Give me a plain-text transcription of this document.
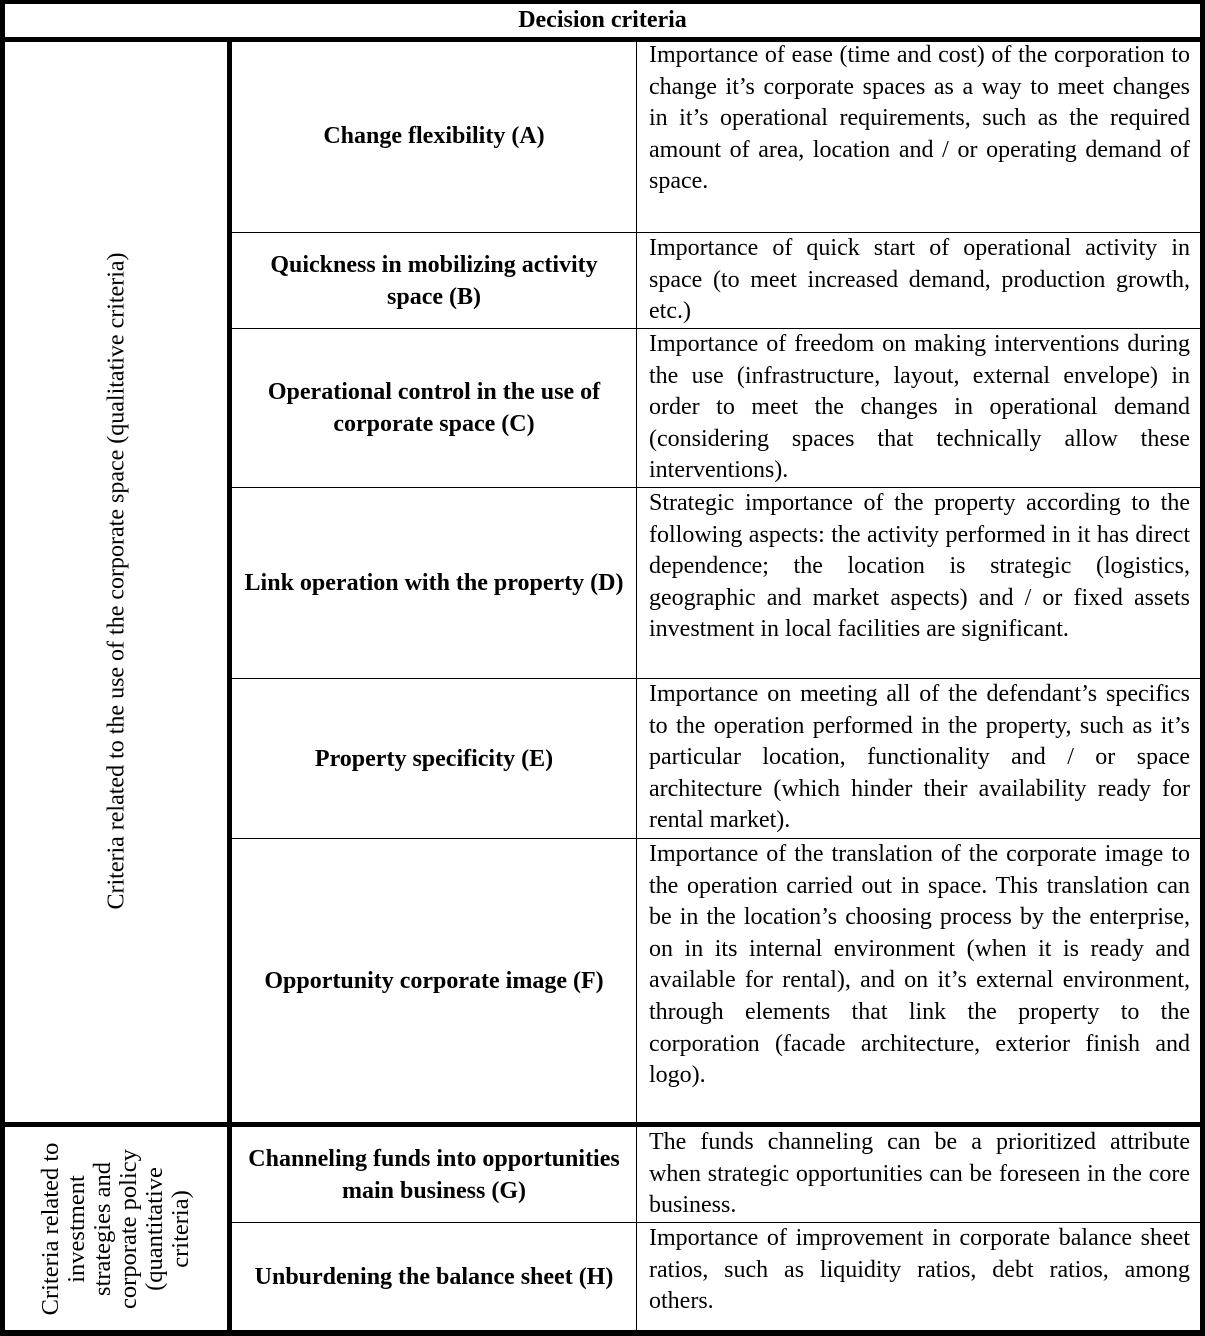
Decision criteria
Criteria related to the use of the corporate space (qualitative criteria)
Change flexibility (A)
Importance of ease (time and cost) of the corporation to change it’s corporate spaces as a way to meet changes in it’s operational requirements, such as the required amount of area, location and / or operating demand of space.
Quickness in mobilizing activity space (B)
Importance of quick start of operational activity in space (to meet increased demand, production growth, etc.)
Operational control in the use of corporate space (C)
Importance of freedom on making interventions during the use (infrastructure, layout, external envelope) in order to meet the changes in operational demand (considering spaces that technically allow these interventions).
Link operation with the property (D)
Strategic importance of the property according to the following aspects: the activity performed in it has direct dependence; the location is strategic (logistics, geographic and market aspects) and / or fixed assets investment in local facilities are significant.
Property specificity (E)
Importance on meeting all of the defendant’s specifics to the operation performed in the property, such as it’s particular location, functionality and / or space architecture (which hinder their availability ready for rental market).
Opportunity corporate image (F)
Importance of the translation of the corporate image to the operation carried out in space. This translation can be in the location’s choosing process by the enterprise, on in its internal environment (when it is ready and available for rental), and on it’s external environment, through elements that link the property to the corporation (facade architecture, exterior finish and logo).
Criteria related to investment strategies and corporate policy (quantitative criteria)
Channeling funds into opportunities main business (G)
The funds channeling can be a prioritized attribute when strategic opportunities can be foreseen in the core business.
Unburdening the balance sheet (H)
Importance of improvement in corporate balance sheet ratios, such as liquidity ratios, debt ratios, among others.
